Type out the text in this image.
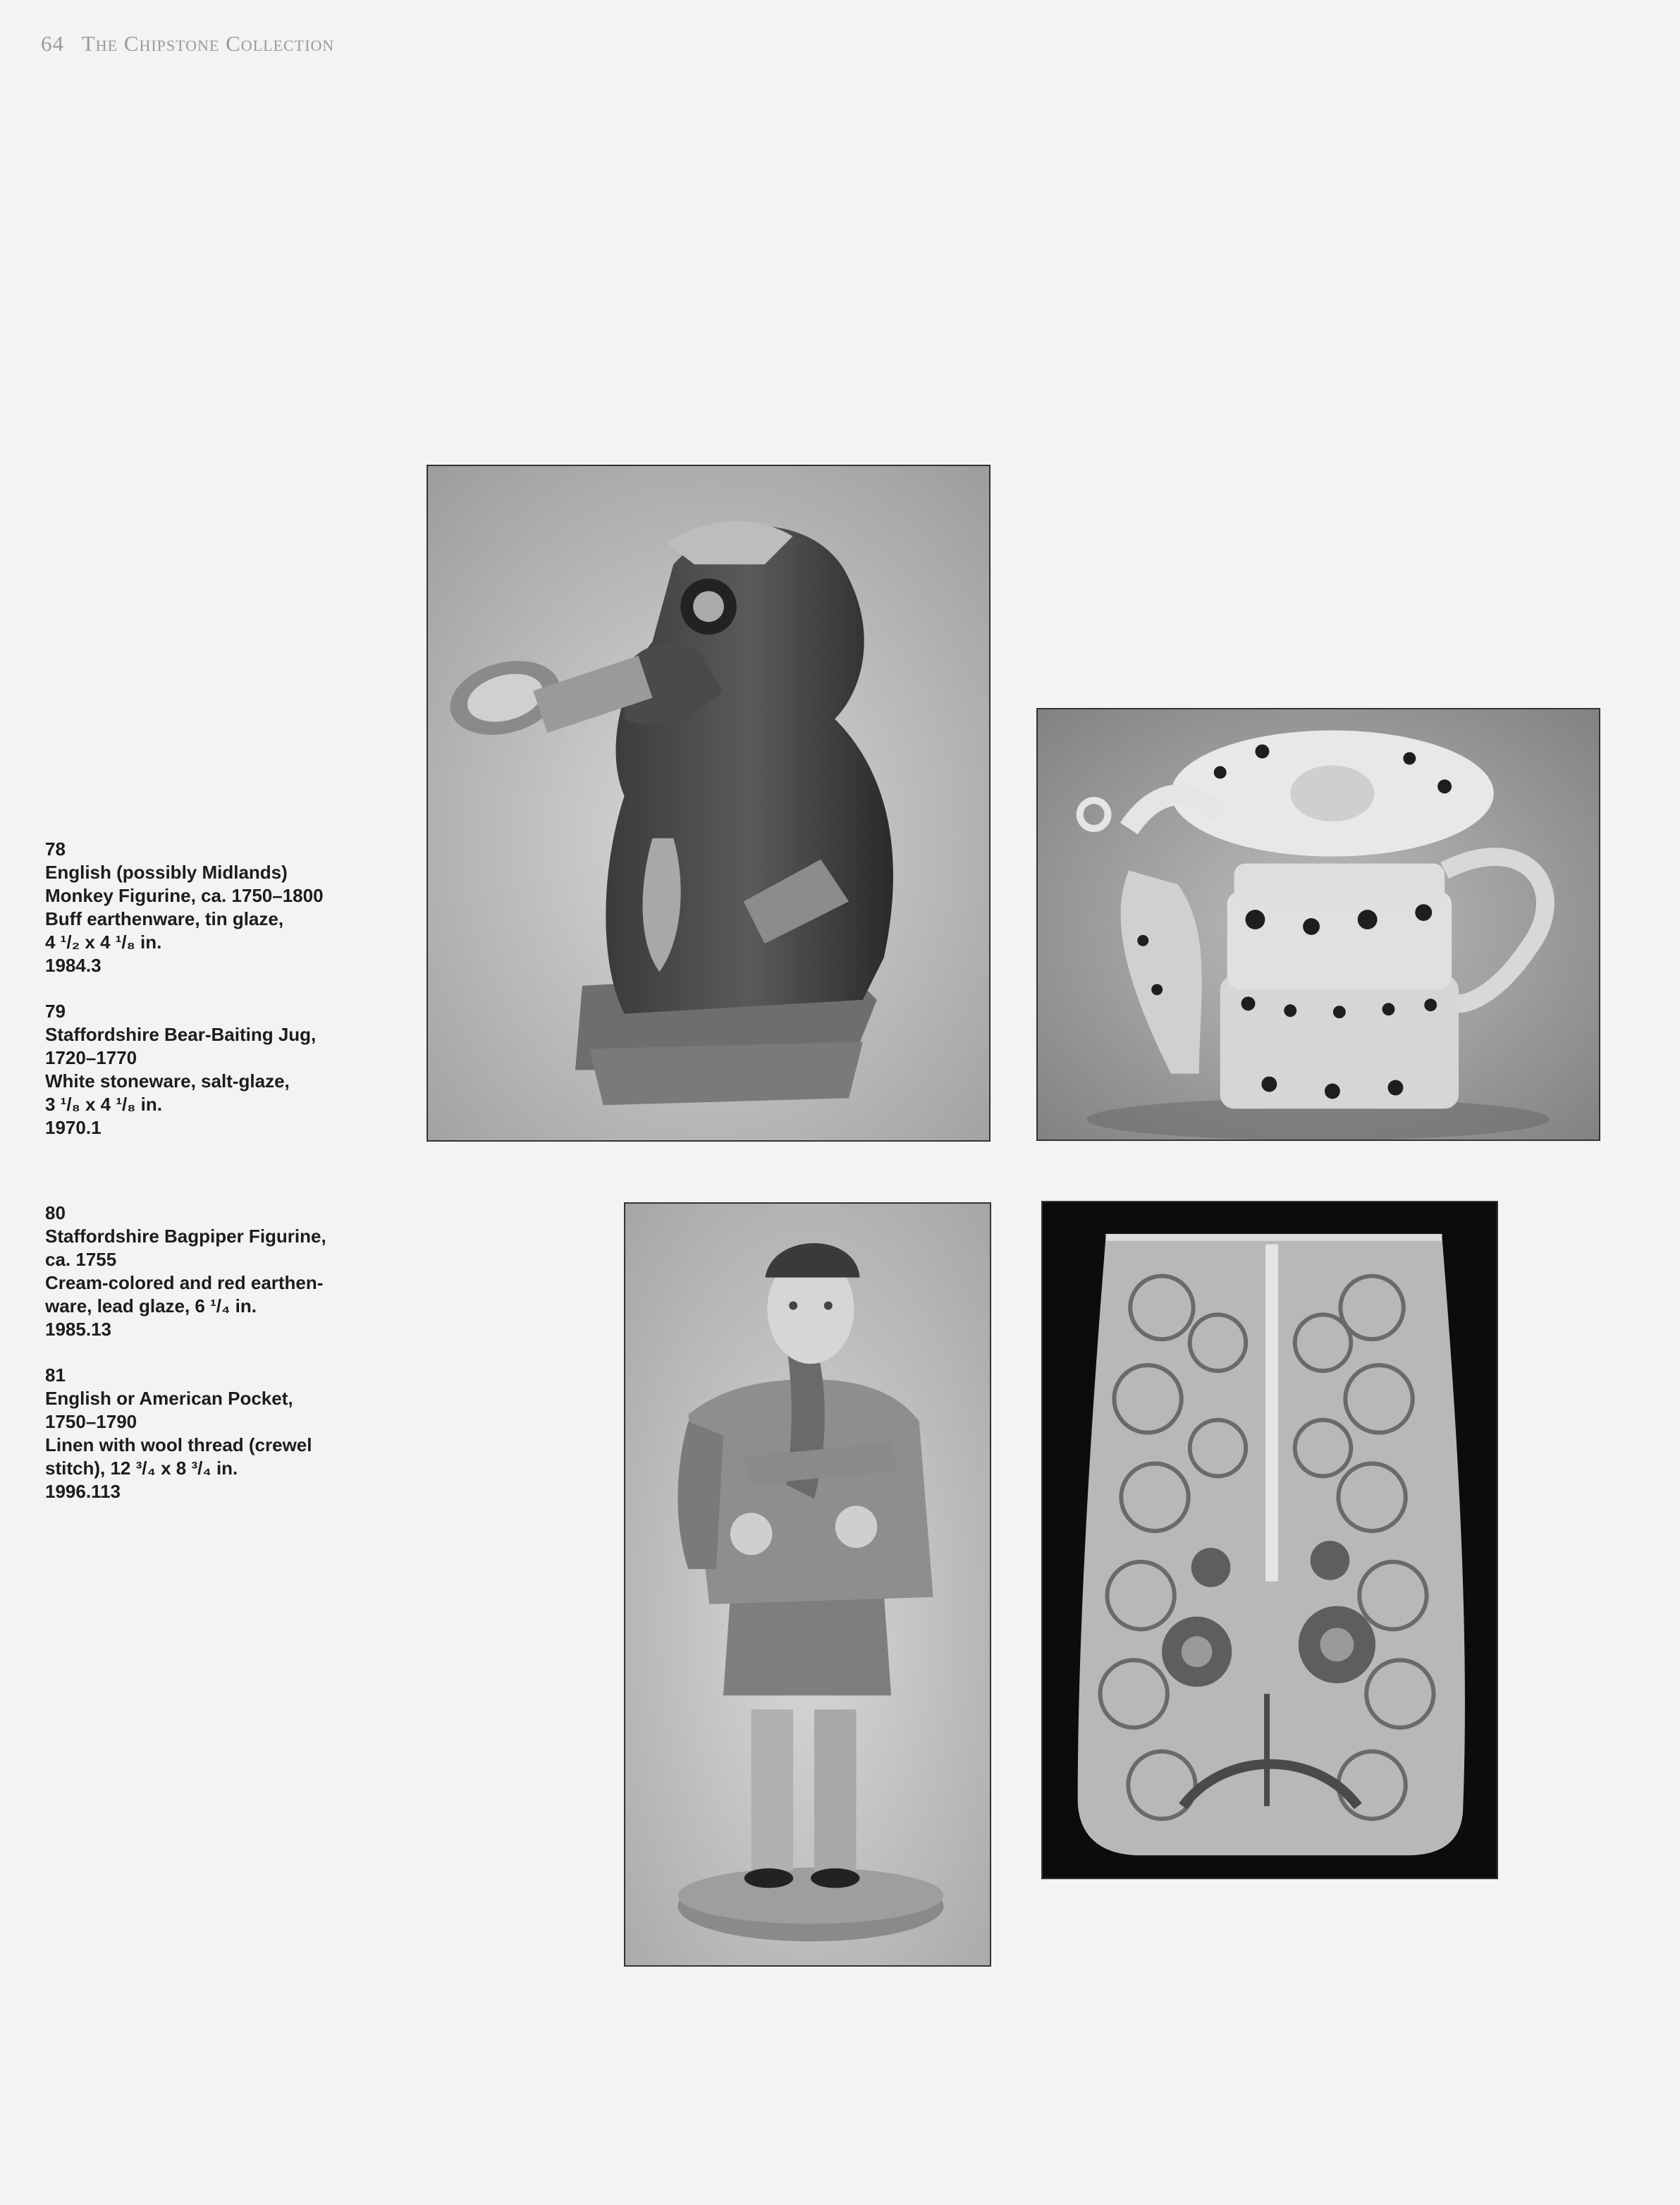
64 The Chipstone Collection
78
English (possibly Midlands)
Monkey Figurine, ca. 1750–1800
Buff earthenware, tin glaze,
4 ¹/₂ x 4 ¹/₈ in.
1984.3
79
Staffordshire Bear-Baiting Jug,
1720–1770
White stoneware, salt-glaze,
3 ¹/₈ x 4 ¹/₈ in.
1970.1
80
Staffordshire Bagpiper Figurine,
ca. 1755
Cream-colored and red earthen-
ware, lead glaze, 6 ¹/₄ in.
1985.13
81
English or American Pocket,
1750–1790
Linen with wool thread (crewel
stitch), 12 ³/₄ x 8 ³/₄ in.
1996.113
